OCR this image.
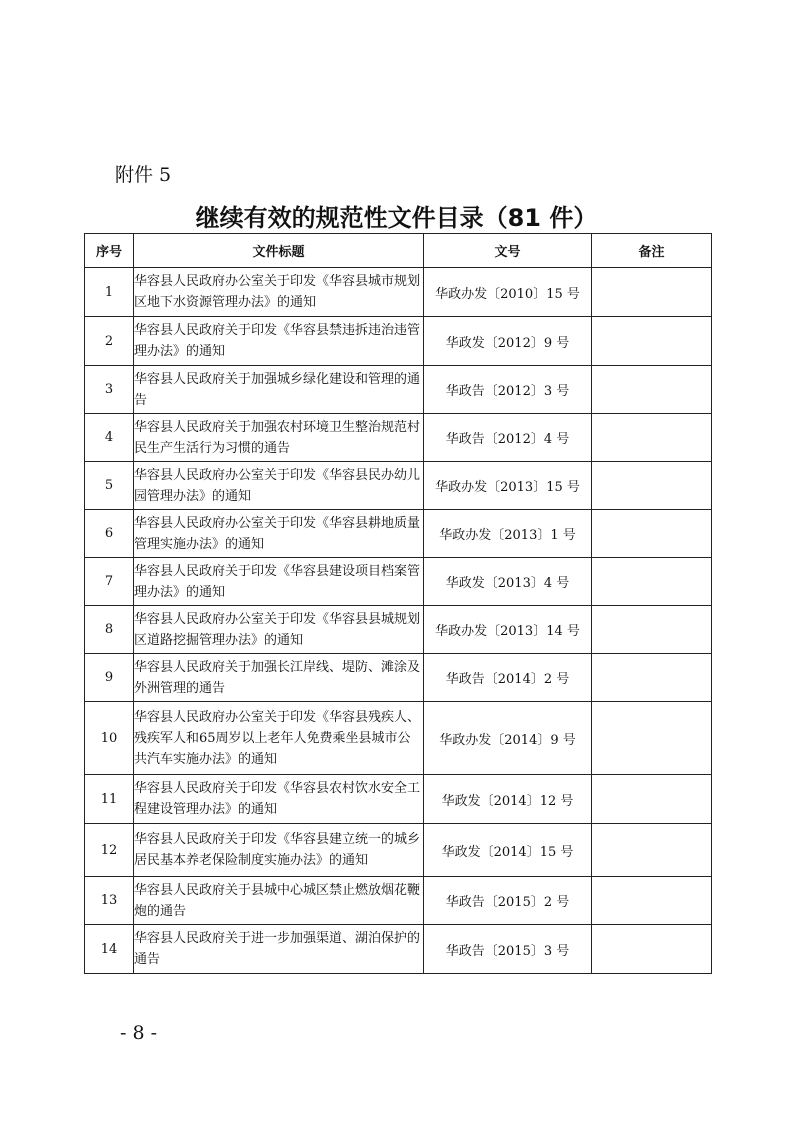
附件 5
继续有效的规范性文件目录（81 件）
序号	文件标题	文号	备注
1	华容县人民政府办公室关于印发《华容县城市规划区地下水资源管理办法》的通知	华政办发〔2010〕15 号	
2	华容县人民政府关于印发《华容县禁违拆违治违管理办法》的通知	华政发〔2012〕9 号	
3	华容县人民政府关于加强城乡绿化建设和管理的通告	华政告〔2012〕3 号	
4	华容县人民政府关于加强农村环境卫生整治规范村民生产生活行为习惯的通告	华政告〔2012〕4 号	
5	华容县人民政府办公室关于印发《华容县民办幼儿园管理办法》的通知	华政办发〔2013〕15 号	
6	华容县人民政府办公室关于印发《华容县耕地质量管理实施办法》的通知	华政办发〔2013〕1 号	
7	华容县人民政府关于印发《华容县建设项目档案管理办法》的通知	华政发〔2013〕4 号	
8	华容县人民政府办公室关于印发《华容县县城规划区道路挖掘管理办法》的通知	华政办发〔2013〕14 号	
9	华容县人民政府关于加强长江岸线、堤防、滩涂及外洲管理的通告	华政告〔2014〕2 号	
10	华容县人民政府办公室关于印发《华容县残疾人、残疾军人和65周岁以上老年人免费乘坐县城市公共汽车实施办法》的通知	华政办发〔2014〕9 号	
11	华容县人民政府关于印发《华容县农村饮水安全工程建设管理办法》的通知	华政发〔2014〕12 号	
12	华容县人民政府关于印发《华容县建立统一的城乡居民基本养老保险制度实施办法》的通知	华政发〔2014〕15 号	
13	华容县人民政府关于县城中心城区禁止燃放烟花鞭炮的通告	华政告〔2015〕2 号	
14	华容县人民政府关于进一步加强渠道、湖泊保护的通告	华政告〔2015〕3 号	
- 8 -
